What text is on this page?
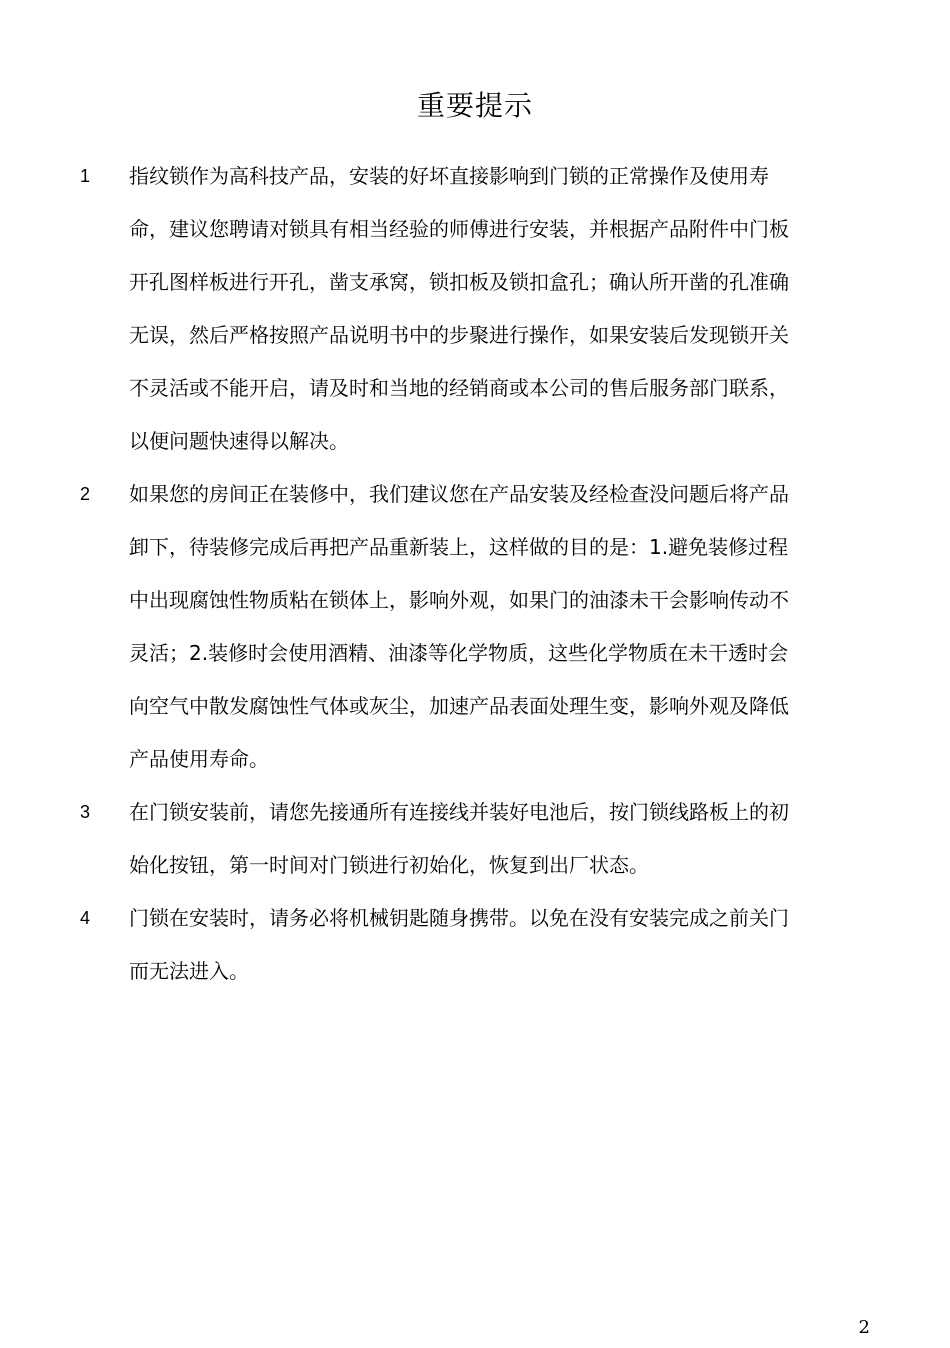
重要提示
1 指纹锁作为高科技产品，安装的好坏直接影响到门锁的正常操作及使用寿
命，建议您聘请对锁具有相当经验的师傅进行安装，并根据产品附件中门板
开孔图样板进行开孔，凿支承窝，锁扣板及锁扣盒孔；确认所开凿的孔准确
无误，然后严格按照产品说明书中的步聚进行操作，如果安装后发现锁开关
不灵活或不能开启，请及时和当地的经销商或本公司的售后服务部门联系，
以便问题快速得以解决。
2 如果您的房间正在装修中，我们建议您在产品安装及经检查没问题后将产品
卸下，待装修完成后再把产品重新装上，这样做的目的是：1.避免装修过程
中出现腐蚀性物质粘在锁体上，影响外观，如果门的油漆未干会影响传动不
灵活；2.装修时会使用酒精、油漆等化学物质，这些化学物质在未干透时会
向空气中散发腐蚀性气体或灰尘，加速产品表面处理生变，影响外观及降低
产品使用寿命。
3 在门锁安装前，请您先接通所有连接线并装好电池后，按门锁线路板上的初
始化按钮，第一时间对门锁进行初始化，恢复到出厂状态。
4 门锁在安装时，请务必将机械钥匙随身携带。以免在没有安装完成之前关门
而无法进入。
2
